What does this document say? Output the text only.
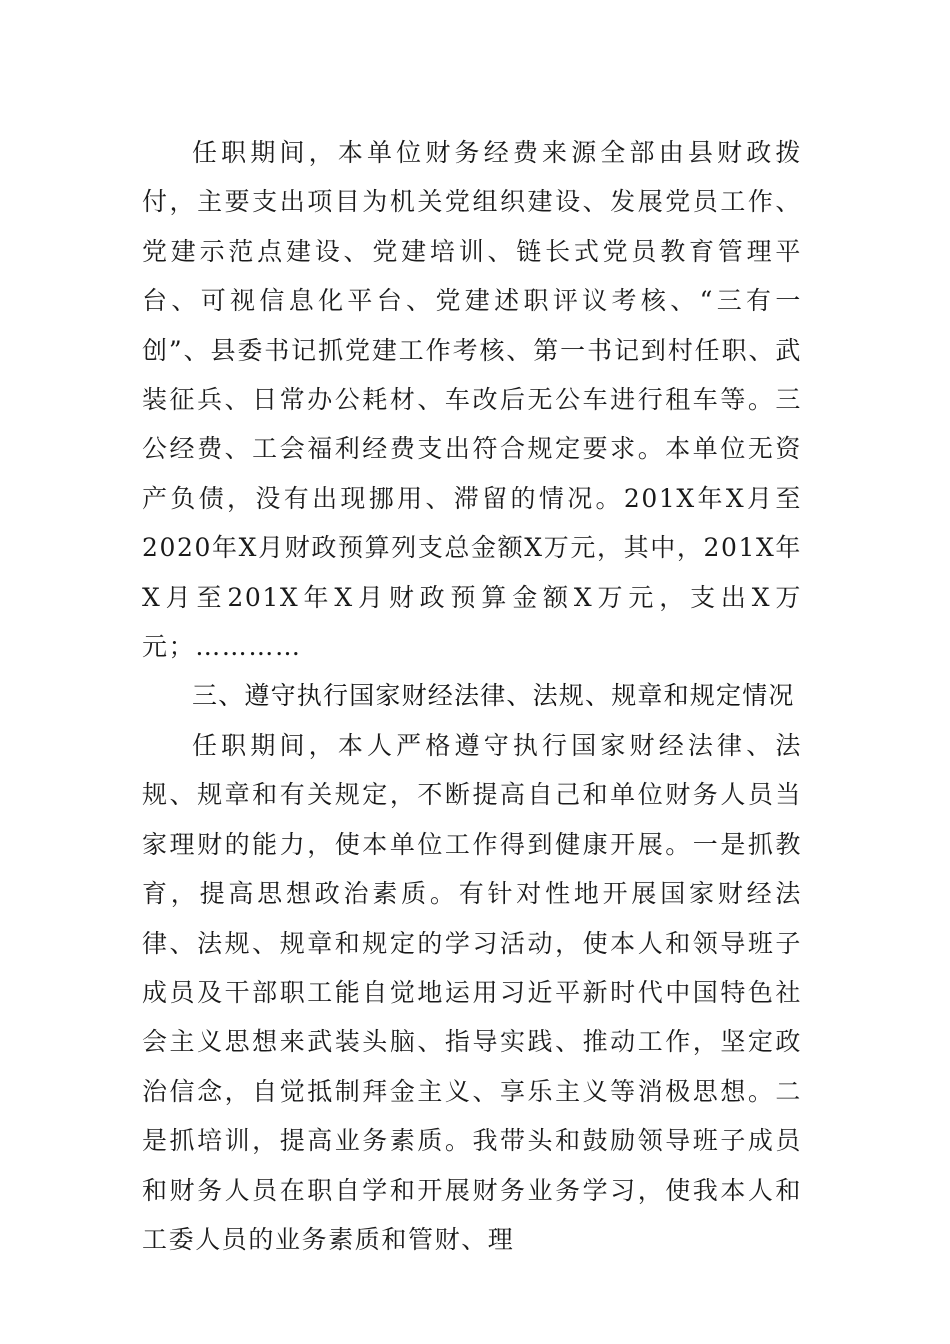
任职期间，本单位财务经费来源全部由县财政拨付，主要支出项目为机关党组织建设、发展党员工作、党建示范点建设、党建培训、链长式党员教育管理平台、可视信息化平台、党建述职评议考核、“三有一创”、县委书记抓党建工作考核、第一书记到村任职、武装征兵、日常办公耗材、车改后无公车进行租车等。三公经费、工会福利经费支出符合规定要求。本单位无资产负债，没有出现挪用、滞留的情况。201X年X月至2020年X月财政预算列支总金额X万元，其中，201X年X月至201X年X月财政预算金额X万元，支出X万元；…………

三、遵守执行国家财经法律、法规、规章和规定情况

任职期间，本人严格遵守执行国家财经法律、法规、规章和有关规定，不断提高自己和单位财务人员当家理财的能力，使本单位工作得到健康开展。一是抓教育，提高思想政治素质。有针对性地开展国家财经法律、法规、规章和规定的学习活动，使本人和领导班子成员及干部职工能自觉地运用习近平新时代中国特色社会主义思想来武装头脑、指导实践、推动工作，坚定政治信念，自觉抵制拜金主义、享乐主义等消极思想。二是抓培训，提高业务素质。我带头和鼓励领导班子成员和财务人员在职自学和开展财务业务学习，使我本人和工委人员的业务素质和管财、理
